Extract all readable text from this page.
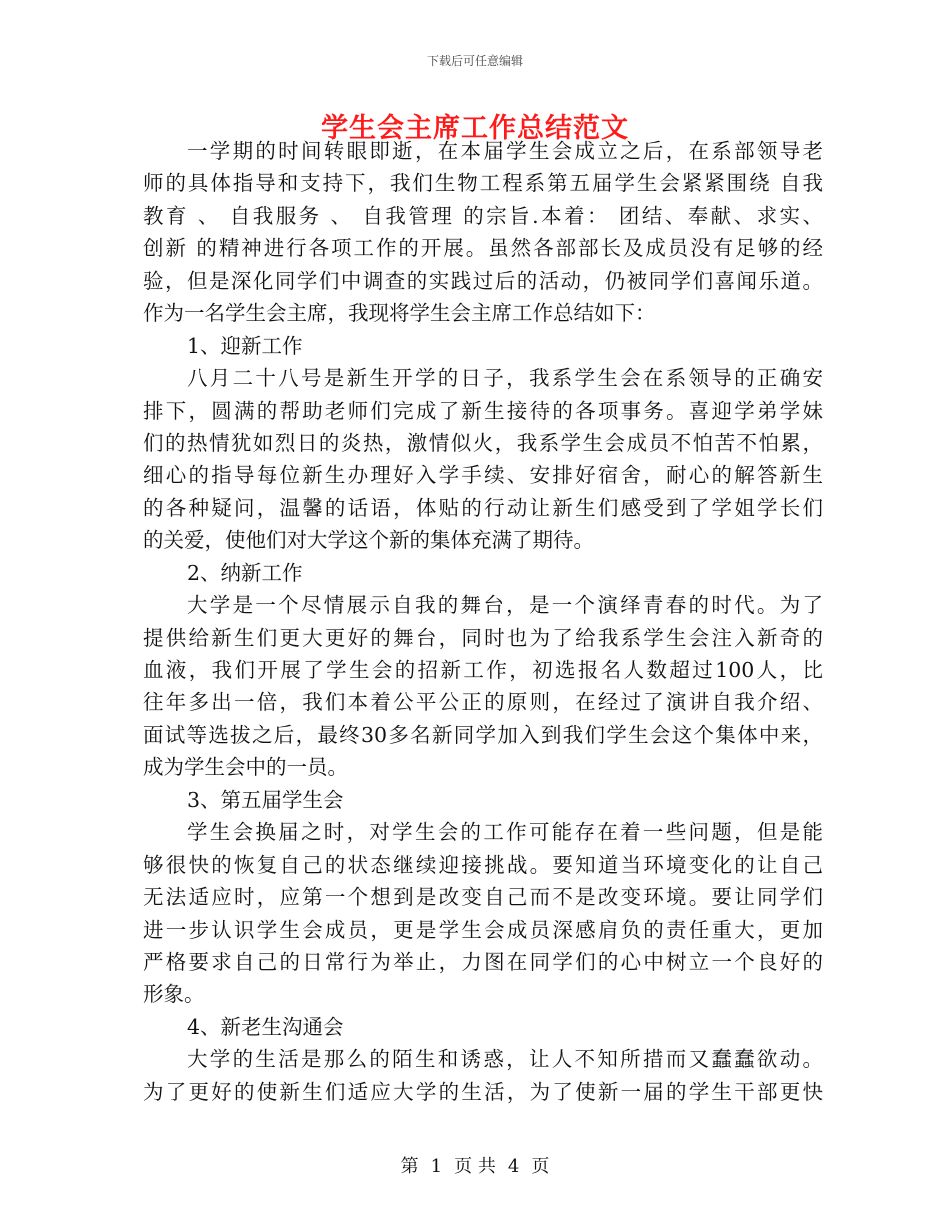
下载后可任意编辑
学生会主席工作总结范文
一学期的时间转眼即逝，在本届学生会成立之后，在系部领导老
师的具体指导和支持下，我们生物工程系第五届学生会紧紧围绕 自我
教育 、 自我服务 、 自我管理 的宗旨.本着： 团结、奉献、求实、
创新 的精神进行各项工作的开展。虽然各部部长及成员没有足够的经
验，但是深化同学们中调查的实践过后的活动，仍被同学们喜闻乐道。
作为一名学生会主席，我现将学生会主席工作总结如下：
1、迎新工作
八月二十八号是新生开学的日子，我系学生会在系领导的正确安
排下，圆满的帮助老师们完成了新生接待的各项事务。喜迎学弟学妹
们的热情犹如烈日的炎热，激情似火，我系学生会成员不怕苦不怕累，
细心的指导每位新生办理好入学手续、安排好宿舍，耐心的解答新生
的各种疑问，温馨的话语，体贴的行动让新生们感受到了学姐学长们
的关爱，使他们对大学这个新的集体充满了期待。
2、纳新工作
大学是一个尽情展示自我的舞台，是一个演绎青春的时代。为了
提供给新生们更大更好的舞台，同时也为了给我系学生会注入新奇的
血液，我们开展了学生会的招新工作，初选报名人数超过100人，比
往年多出一倍，我们本着公平公正的原则，在经过了演讲自我介绍、
面试等选拔之后，最终30多名新同学加入到我们学生会这个集体中来，
成为学生会中的一员。
3、第五届学生会
学生会换届之时，对学生会的工作可能存在着一些问题，但是能
够很快的恢复自己的状态继续迎接挑战。要知道当环境变化的让自己
无法适应时，应第一个想到是改变自己而不是改变环境。要让同学们
进一步认识学生会成员，更是学生会成员深感肩负的责任重大，更加
严格要求自己的日常行为举止，力图在同学们的心中树立一个良好的
形象。
4、新老生沟通会
大学的生活是那么的陌生和诱惑，让人不知所措而又蠢蠢欲动。
为了更好的使新生们适应大学的生活，为了使新一届的学生干部更快
第 1 页 共 4 页
